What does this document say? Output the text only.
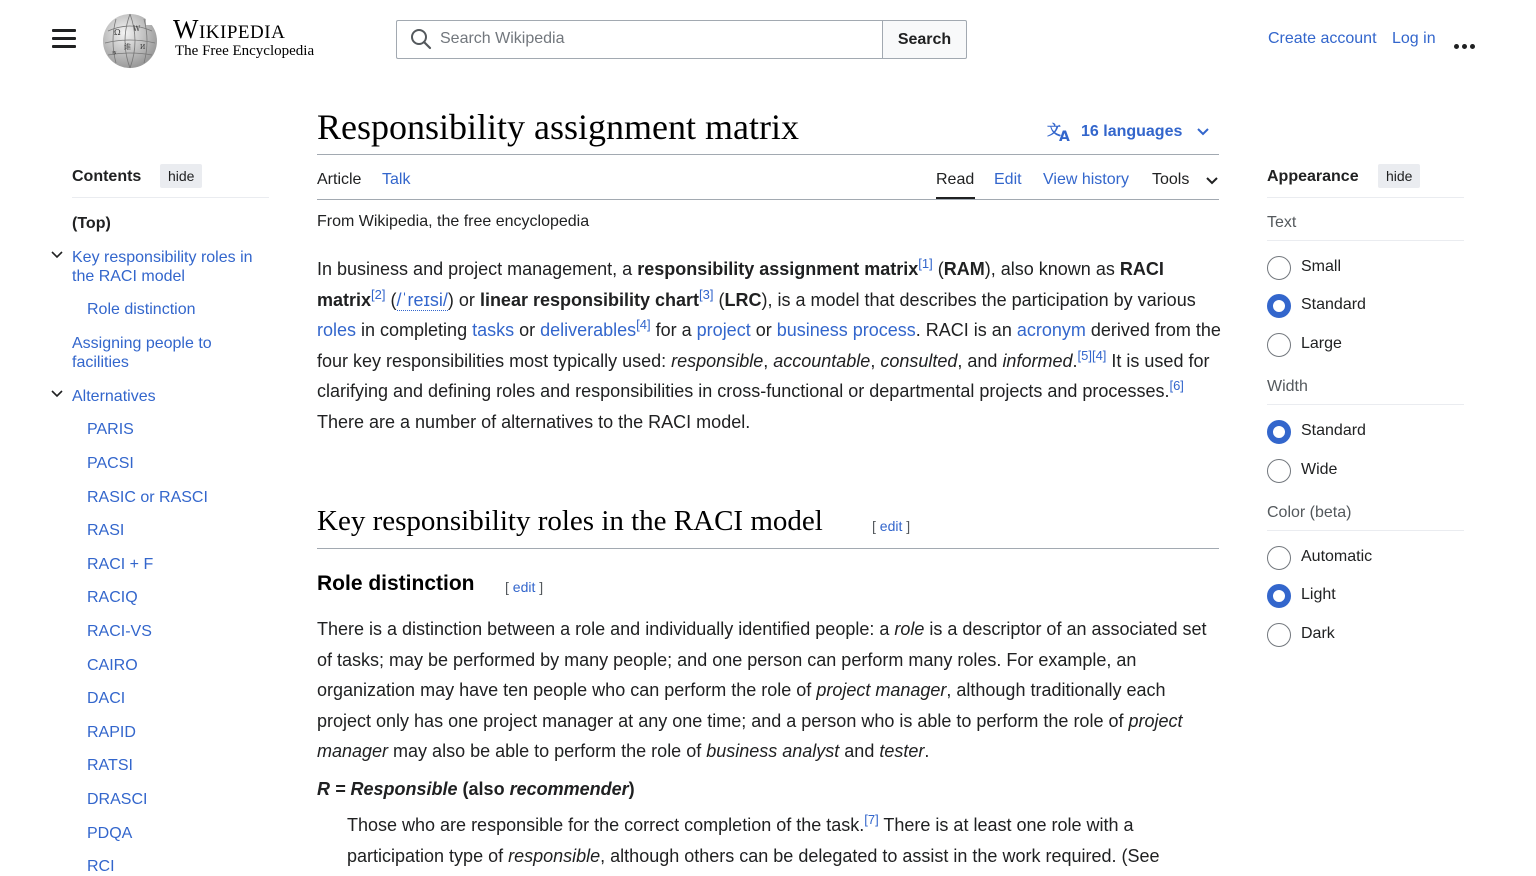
Ω W
維 И
ক
Wikipedia
The Free Encyclopedia
Search Wikipedia
Search	Create account Log in
Responsibility assignment matrix	文
A 16 languages
Article Talk	Read Edit View history Tools
Contents	hide
(Top)
Key responsibility roles in the RACI model
Role distinction
Assigning people to facilities
Alternatives
PARIS
PACSI
RASIC or RASCI
RASI
RACI + F
RACIQ
RACI-VS
CAIRO
DACI
RAPID
RATSI
DRASCI
PDQA
RCI
From Wikipedia, the free encyclopedia

In business and project management, a responsibility assignment matrix[1] (RAM), also known as RACI matrix[2] (/ˈreɪsi/) or linear responsibility chart[3] (LRC), is a model that describes the participation by various roles in completing tasks or deliverables[4] for a project or business process. RACI is an acronym derived from the four key responsibilities most typically used: responsible, accountable, consulted, and informed.[5][4] It is used for clarifying and defining roles and responsibilities in cross-functional or departmental projects and processes.[6] There are a number of alternatives to the RACI model.

Key responsibility roles in the RACI model	[ edit ]
Role distinction [ edit ]

There is a distinction between a role and individually identified people: a role is a descriptor of an associated set of tasks; may be performed by many people; and one person can perform many roles. For example, an organization may have ten people who can perform the role of project manager, although traditionally each project only has one project manager at any one time; and a person who is able to perform the role of project manager may also be able to perform the role of business analyst and tester.

R = Responsible (also recommender)

Those who are responsible for the correct completion of the task.[7] There is at least one role with a participation type of responsible, although others can be delegated to assist in the work required. (See

Appearance	hide
Text
Small
Standard
Large
Width
Standard
Wide
Color (beta)
Automatic
Light
Dark
